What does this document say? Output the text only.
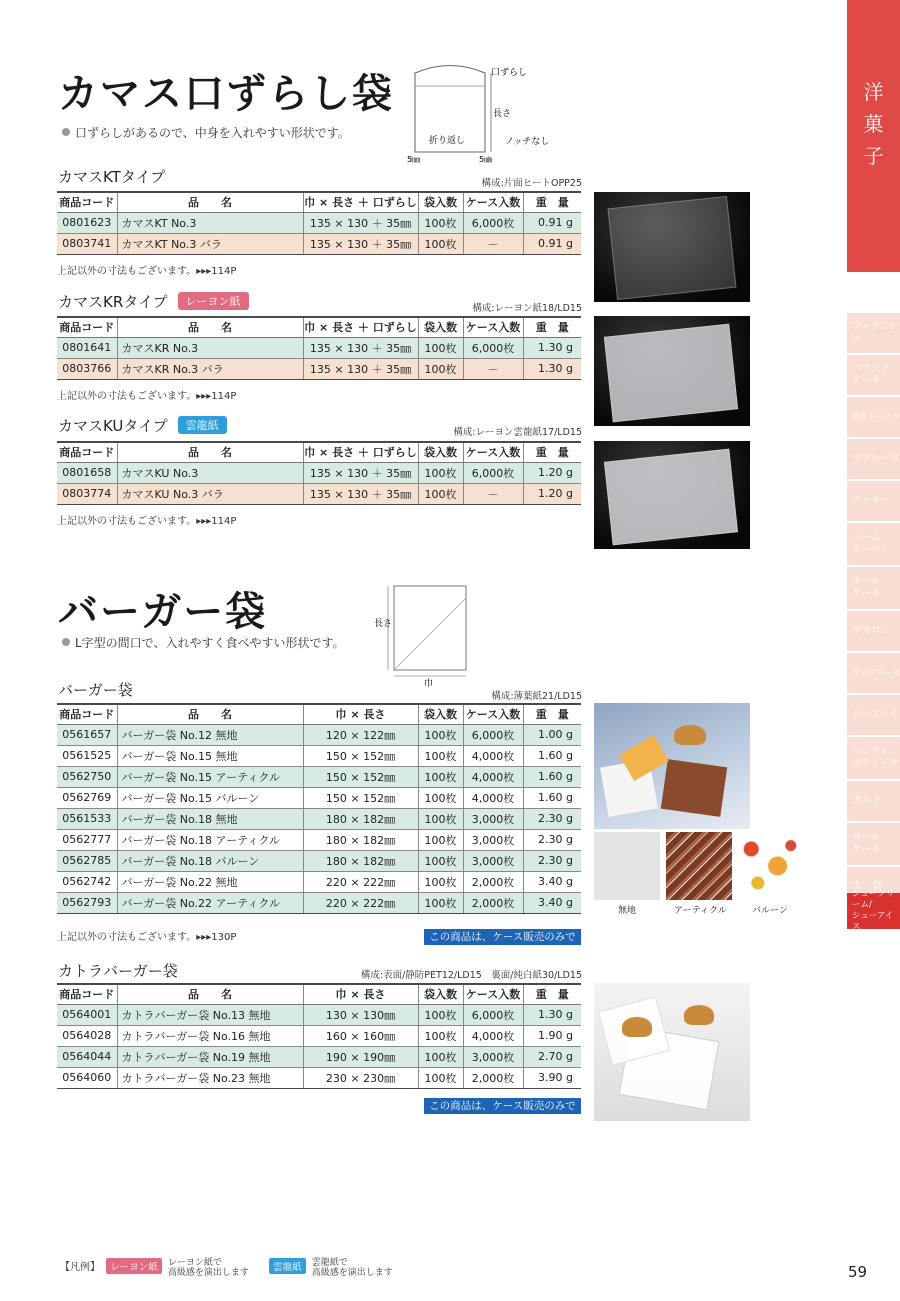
カマス口ずらし袋
口ずらしがあるので、中身を入れやすい形状です。
口ずらし
長さ
折り返し	ノッチなし
5㎜	5㎜
カマスKTタイプ	構成:片面ヒートOPP25
商品コード	品　　名	巾 × 長さ ＋ 口ずらし	袋入数	ケース入数	重　量
0801623	カマスKT No.3	135 × 130 ＋ 35㎜	100枚	6,000枚	0.91 g
0803741	カマスKT No.3 バラ	135 × 130 ＋ 35㎜	100枚	－	0.91 g
上記以外の寸法もございます。▸▸▸114P
カマスKRタイプ レーヨン紙
構成:レーヨン紙18/LD15
商品コード	品　　名	巾 × 長さ ＋ 口ずらし	袋入数	ケース入数	重　量
0801641	カマスKR No.3	135 × 130 ＋ 35㎜	100枚	6,000枚	1.30 g
0803766	カマスKR No.3 バラ	135 × 130 ＋ 35㎜	100枚	－	1.30 g
上記以外の寸法もございます。▸▸▸114P
カマスKUタイプ 雲龍紙
構成:レーヨン雲龍紙17/LD15
商品コード	品　　名	巾 × 長さ ＋ 口ずらし	袋入数	ケース入数	重　量
0801658	カマスKU No.3	135 × 130 ＋ 35㎜	100枚	6,000枚	1.20 g
0803774	カマスKU No.3 バラ	135 × 130 ＋ 35㎜	100枚	－	1.20 g
上記以外の寸法もございます。▸▸▸114P
バーガー袋
L字型の間口で、入れやすく食べやすい形状です。
長さ
巾
バーガー袋	構成:薄葉紙21/LD15
商品コード	品　　名	巾 × 長さ	袋入数	ケース入数	重　量
0561657	バーガー袋 No.12 無地	120 × 122㎜	100枚	6,000枚	1.00 g
0561525	バーガー袋 No.15 無地	150 × 152㎜	100枚	4,000枚	1.60 g
0562750	バーガー袋 No.15 アーティクル	150 × 152㎜	100枚	4,000枚	1.60 g
0562769	バーガー袋 No.15 バルーン	150 × 152㎜	100枚	4,000枚	1.60 g
0561533	バーガー袋 No.18 無地	180 × 182㎜	100枚	3,000枚	2.30 g
0562777	バーガー袋 No.18 アーティクル	180 × 182㎜	100枚	3,000枚	2.30 g
0562785	バーガー袋 No.18 バルーン	180 × 182㎜	100枚	3,000枚	2.30 g
0562742	バーガー袋 No.22 無地	220 × 222㎜	100枚	2,000枚	3.40 g
0562793	バーガー袋 No.22 アーティクル	220 × 222㎜	100枚	2,000枚	3.40 g
上記以外の寸法もございます。▸▸▸130P	この商品は、ケース販売のみです。
無地	アーティクル	バルーン
カトラバーガー袋	構成:表面/静防PET12/LD15　裏面/純白紙30/LD15
商品コード	品　　名	巾 × 長さ	袋入数	ケース入数	重　量
0564001	カトラバーガー袋 No.13 無地	130 × 130㎜	100枚	6,000枚	1.30 g
0564028	カトラバーガー袋 No.16 無地	160 × 160㎜	100枚	4,000枚	1.90 g
0564044	カトラバーガー袋 No.19 無地	190 × 190㎜	100枚	3,000枚	2.70 g
0564060	カトラバーガー袋 No.23 無地	230 × 230㎜	100枚	2,000枚	3.90 g
この商品は、ケース販売のみです。
洋
菓
子
フィナンシェ
パウンド
ケーキ
焼きドーナツ
マドレーヌ
クッキー
バーム
クーヘン
ホール
ケーキ
マカロン
ダックワーズ
リーフパイ
ハンディ
スティック
タルト
ロール
ケーキ
大　袋
シュークリーム/
シューアイス
【凡例】 レーヨン紙 レーヨン紙で
高級感を演出します	雲龍紙 雲龍紙で
高級感を演出します	59
